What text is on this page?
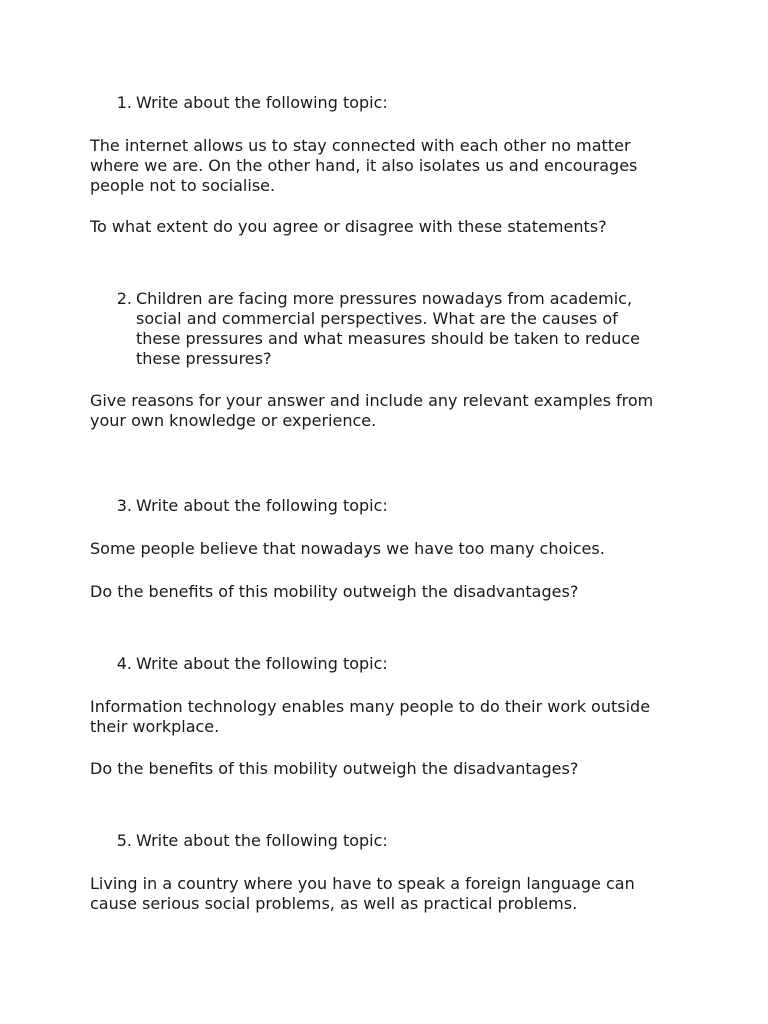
1. Write about the following topic:
The internet allows us to stay connected with each other no matter where we are. On the other hand, it also isolates us and encourages people not to socialise.
To what extent do you agree or disagree with these statements?
2. Children are facing more pressures nowadays from academic, social and commercial perspectives. What are the causes of these pressures and what measures should be taken to reduce these pressures?
Give reasons for your answer and include any relevant examples from your own knowledge or experience.
3. Write about the following topic:
Some people believe that nowadays we have too many choices.
Do the benefits of this mobility outweigh the disadvantages?
4. Write about the following topic:
Information technology enables many people to do their work outside their workplace.
Do the benefits of this mobility outweigh the disadvantages?
5. Write about the following topic:
Living in a country where you have to speak a foreign language can cause serious social problems, as well as practical problems.
